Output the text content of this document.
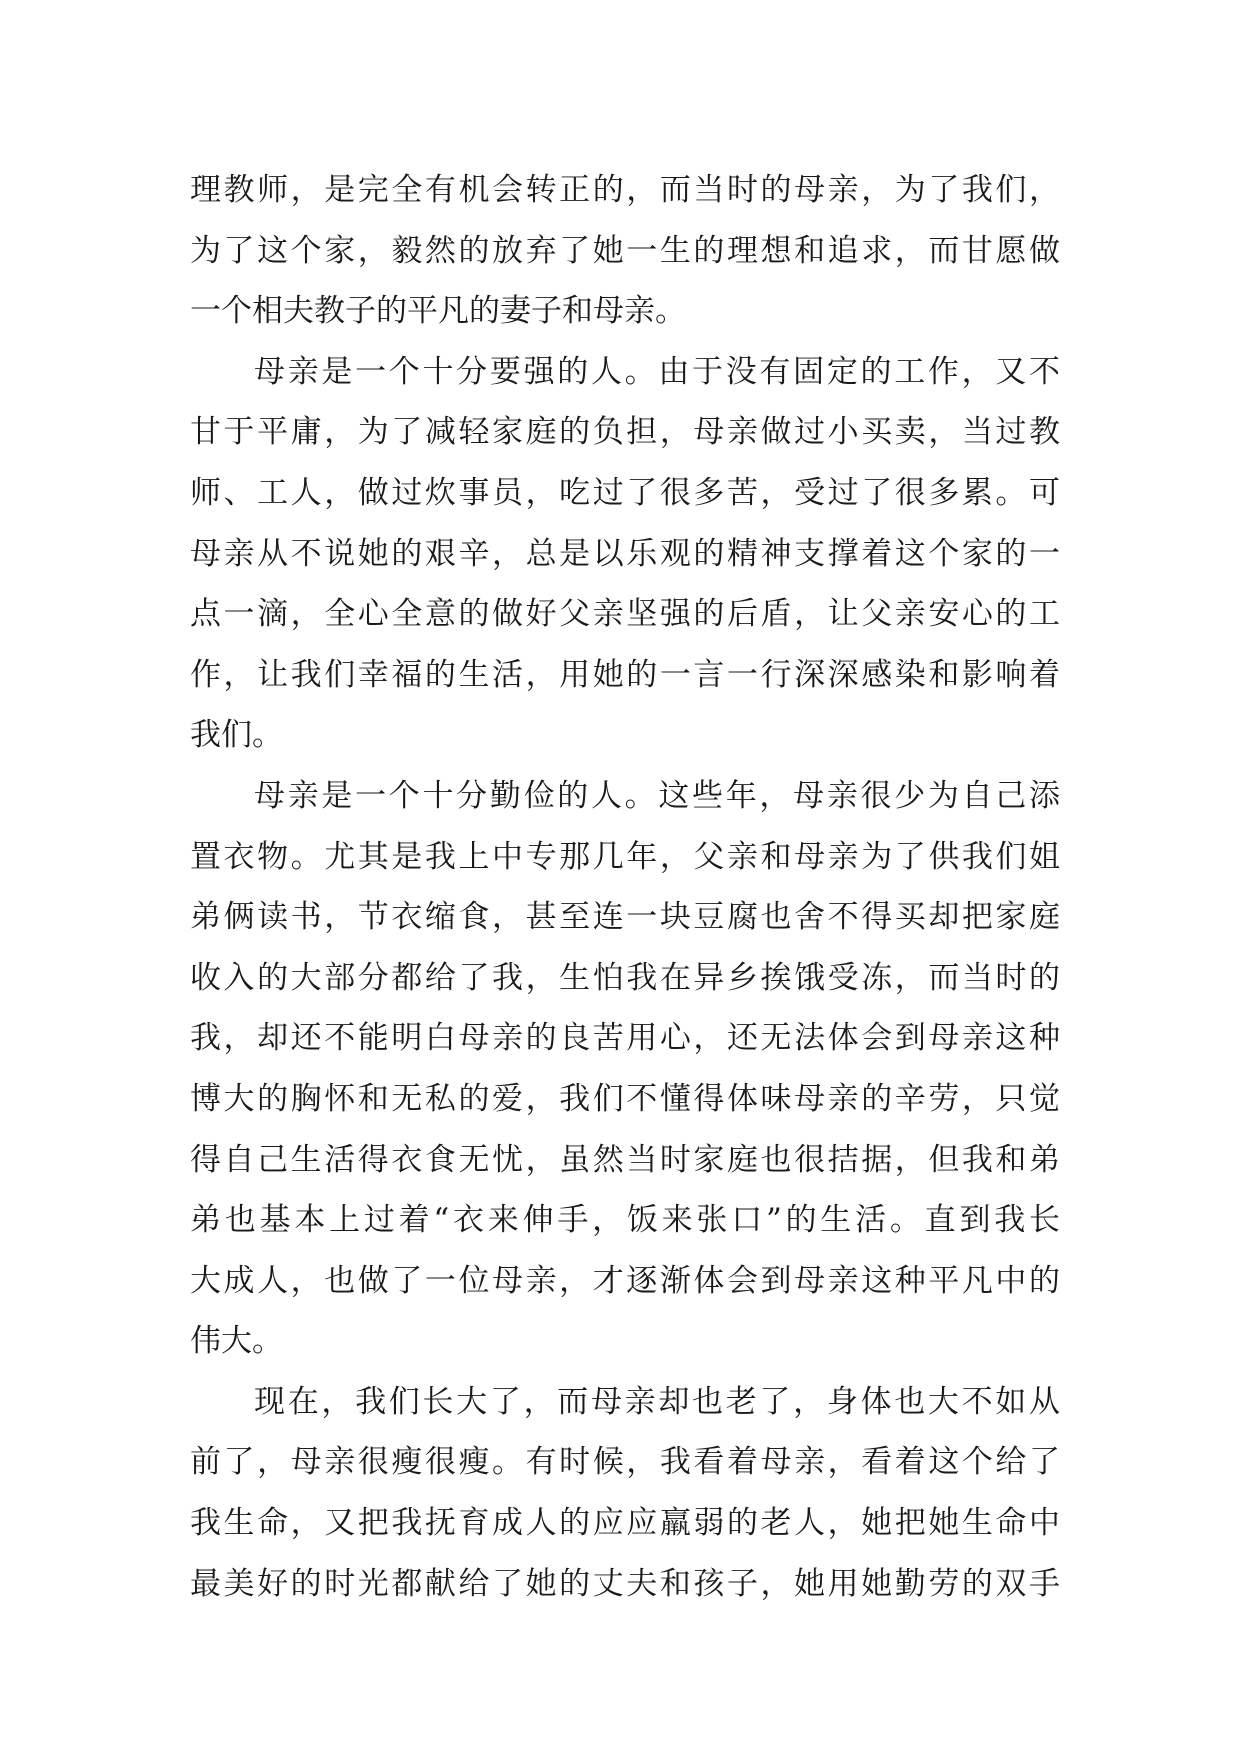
理教师，是完全有机会转正的，而当时的母亲，为了我们，
为了这个家，毅然的放弃了她一生的理想和追求，而甘愿做
一个相夫教子的平凡的妻子和母亲。
母亲是一个十分要强的人。由于没有固定的工作，又不
甘于平庸，为了减轻家庭的负担，母亲做过小买卖，当过教
师、工人，做过炊事员，吃过了很多苦，受过了很多累。可
母亲从不说她的艰辛，总是以乐观的精神支撑着这个家的一
点一滴，全心全意的做好父亲坚强的后盾，让父亲安心的工
作，让我们幸福的生活，用她的一言一行深深感染和影响着
我们。
母亲是一个十分勤俭的人。这些年，母亲很少为自己添
置衣物。尤其是我上中专那几年，父亲和母亲为了供我们姐
弟俩读书，节衣缩食，甚至连一块豆腐也舍不得买却把家庭
收入的大部分都给了我，生怕我在异乡挨饿受冻，而当时的
我，却还不能明白母亲的良苦用心，还无法体会到母亲这种
博大的胸怀和无私的爱，我们不懂得体味母亲的辛劳，只觉
得自己生活得衣食无忧，虽然当时家庭也很拮据，但我和弟
弟也基本上过着“衣来伸手，饭来张口”的生活。直到我长
大成人，也做了一位母亲，才逐渐体会到母亲这种平凡中的
伟大。
现在，我们长大了，而母亲却也老了，身体也大不如从
前了，母亲很瘦很瘦。有时候，我看着母亲，看着这个给了
我生命，又把我抚育成人的应应羸弱的老人，她把她生命中
最美好的时光都献给了她的丈夫和孩子，她用她勤劳的双手
